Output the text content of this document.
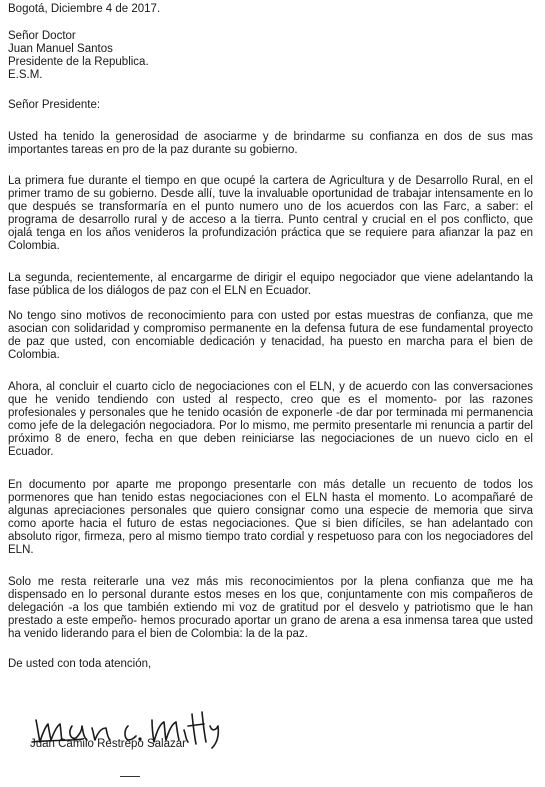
Bogotá, Diciembre 4 de 2017.
Señor Doctor
Juan Manuel Santos
Presidente de la Republica.
E.S.M.
Señor Presidente:
Usted ha tenido la generosidad de asociarme y de brindarme su confianza en dos de sus mas importantes tareas en pro de la paz durante su gobierno.
La primera fue durante el tiempo en que ocupé la cartera de Agricultura y de Desarrollo Rural, en el primer tramo de su gobierno. Desde allí, tuve la invaluable oportunidad de trabajar intensamente en lo que después se transformaría en el punto numero uno de los acuerdos con las Farc, a saber: el programa de desarrollo rural y de acceso a la tierra. Punto central y crucial en el pos conflicto, que ojalá tenga en los años venideros la profundización práctica que se requiere para afianzar la paz en Colombia.
La segunda, recientemente, al encargarme de dirigir el equipo negociador que viene adelantando la fase pública de los diálogos de paz con el ELN en Ecuador.
No tengo sino motivos de reconocimiento para con usted por estas muestras de confianza, que me asocian con solidaridad y compromiso permanente en la defensa futura de ese fundamental proyecto de paz que usted, con encomiable dedicación y tenacidad, ha puesto en marcha para el bien de Colombia.
Ahora, al concluir el cuarto ciclo de negociaciones con el ELN, y de acuerdo con las conversaciones que he venido tendiendo con usted al respecto, creo que es el momento- por las razones profesionales y personales que he tenido ocasión de exponerle -de dar por terminada mi permanencia como jefe de la delegación negociadora. Por lo mismo, me permito presentarle mi renuncia a partir del próximo 8 de enero, fecha en que deben reiniciarse las negociaciones de un nuevo ciclo en el Ecuador.
En documento por aparte me propongo presentarle con más detalle un recuento de todos los pormenores que han tenido estas negociaciones con el ELN hasta el momento. Lo acompañaré de algunas apreciaciones personales que quiero consignar como una especie de memoria que sirva como aporte hacia el futuro de estas negociaciones. Que si bien difíciles, se han adelantado con absoluto rigor, firmeza, pero al mismo tiempo trato cordial y respetuoso para con los negociadores del ELN.
Solo me resta reiterarle una vez más mis reconocimientos por la plena confianza que me ha dispensado en lo personal durante estos meses en los que, conjuntamente con mis compañeros de delegación -a los que también extiendo mi voz de gratitud por el desvelo y patriotismo que le han prestado a este empeño- hemos procurado aportar un grano de arena a esa inmensa tarea que usted ha venido liderando para el bien de Colombia: la de la paz.
De usted con toda atención,
Juan Camilo Restrepo Salazar
